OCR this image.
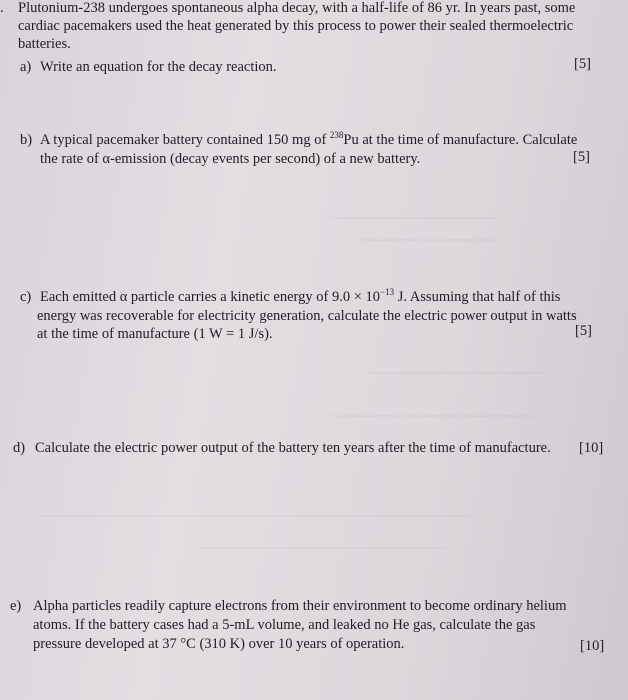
~~~~~~~~~~~~~~~~~~~~~~~~
~~~~~~~~~~~~~~~~~~~~
~~~~~~~~~~~~~~~~~~~~~~~~~
~~~~~~~~~~~~~~~~~~~~~~~~~~~~~
~~~~~~~~~~~~~~~~~~~~~~~~~~~~~~~~~~~~~~~~~~~~~~~~~~~~~~~~~~~~~
~~~~~~~~~~~~~~~~~~~~~~~~~~~~~~~~~~~
. Plutonium-238 undergoes spontaneous alpha decay, with a half-life of 86 yr. In years past, some
cardiac pacemakers used the heat generated by this process to power their sealed thermoelectric
batteries.
a) Write an equation for the decay reaction.	[5]
b) A typical pacemaker battery contained 150 mg of $^{238}$Pu at the time of manufacture. Calculate
the rate of α-emission (decay events per second) of a new battery.	[5]
c) Each emitted α particle carries a kinetic energy of $9.0 \times 10^{-13}$ J. Assuming that half of this
energy was recoverable for electricity generation, calculate the electric power output in watts
at the time of manufacture (1 W = 1 J/s).	[5]
d) Calculate the electric power output of the battery ten years after the time of manufacture. [10]
e) Alpha particles readily capture electrons from their environment to become ordinary helium
atoms. If the battery cases had a 5-mL volume, and leaked no He gas, calculate the gas
pressure developed at 37 °C (310 K) over 10 years of operation.	[10]
